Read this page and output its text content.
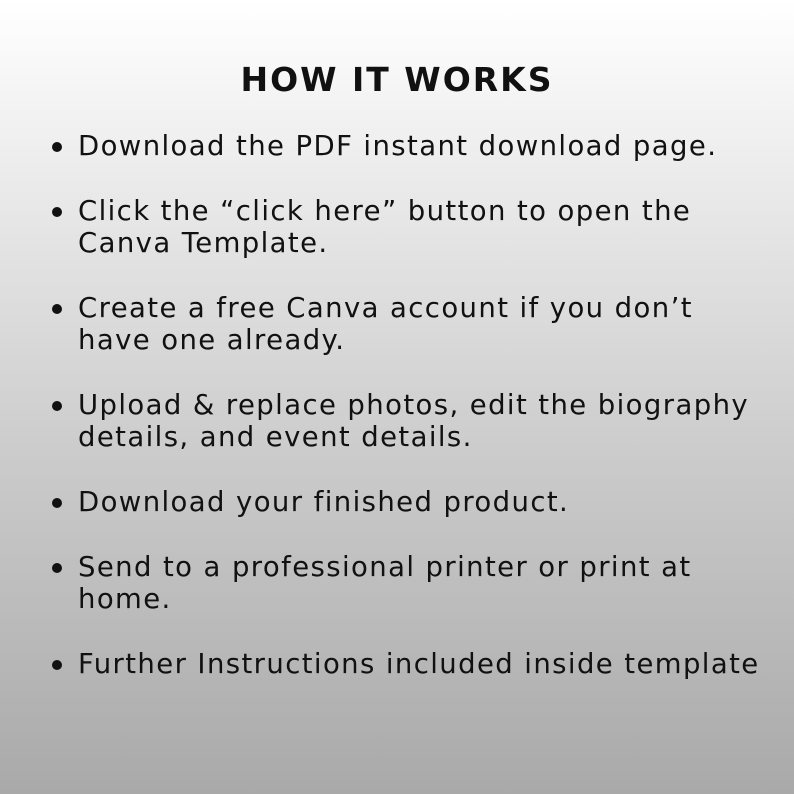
HOW IT WORKS
Download the PDF instant download page.
Click the “click here” button to open the Canva Template.
Create a free Canva account if you don’t have one already.
Upload & replace photos, edit the biography details, and event details.
Download your finished product.
Send to a professional printer or print at home.
Further Instructions included inside template
